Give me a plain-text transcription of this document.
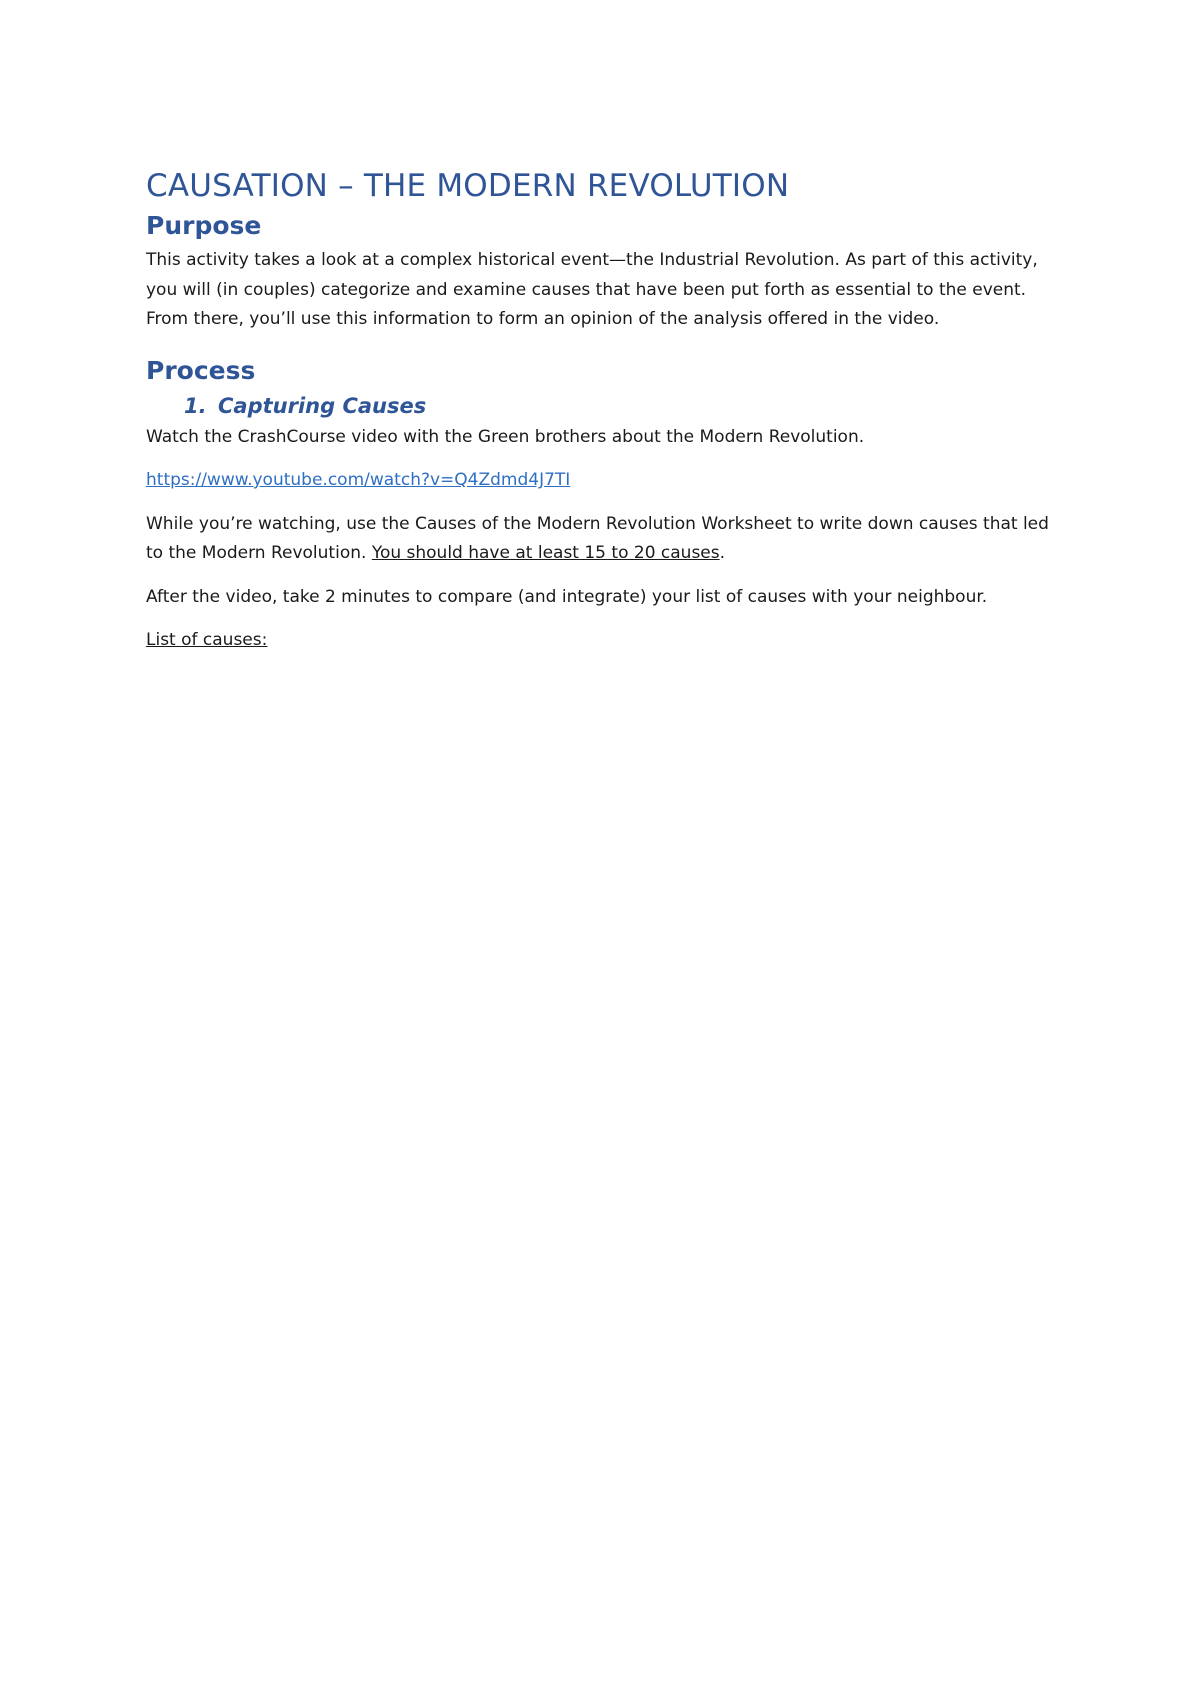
CAUSATION – THE MODERN REVOLUTION
Purpose

This activity takes a look at a complex historical event—the Industrial Revolution. As part of this activity, you will (in couples) categorize and examine causes that have been put forth as essential to the event. From there, you’ll use this information to form an opinion of the analysis offered in the video.

Process
1. Capturing Causes

Watch the CrashCourse video with the Green brothers about the Modern Revolution.

https://www.youtube.com/watch?v=Q4Zdmd4J7TI

While you’re watching, use the Causes of the Modern Revolution Worksheet to write down causes that led to the Modern Revolution. You should have at least 15 to 20 causes.

After the video, take 2 minutes to compare (and integrate) your list of causes with your neighbour.

List of causes:
